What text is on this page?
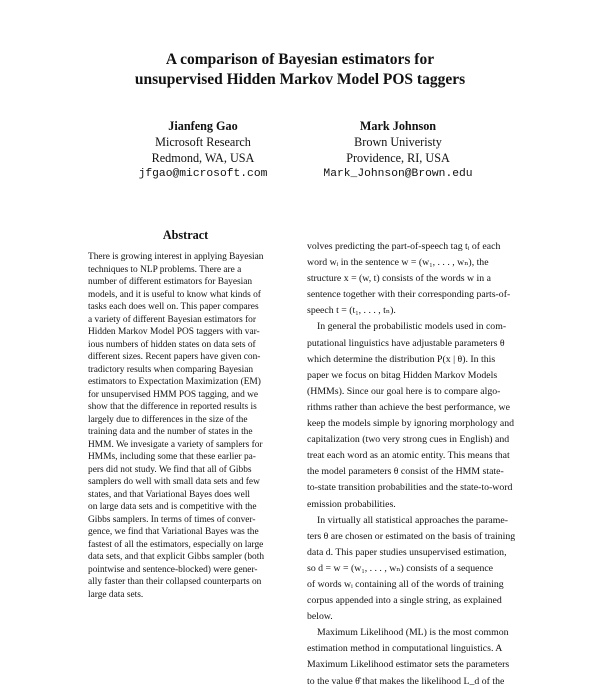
A comparison of Bayesian estimators for
unsupervised Hidden Markov Model POS taggers
Jianfeng Gao
Microsoft Research
Redmond, WA, USA
jfgao@microsoft.com
Mark Johnson
Brown Univeristy
Providence, RI, USA
Mark_Johnson@Brown.edu
Abstract
There is growing interest in applying Bayesian
techniques to NLP problems. There are a
number of different estimators for Bayesian
models, and it is useful to know what kinds of
tasks each does well on. This paper compares
a variety of different Bayesian estimators for
Hidden Markov Model POS taggers with var-
ious numbers of hidden states on data sets of
different sizes. Recent papers have given con-
tradictory results when comparing Bayesian
estimators to Expectation Maximization (EM)
for unsupervised HMM POS tagging, and we
show that the difference in reported results is
largely due to differences in the size of the
training data and the number of states in the
HMM. We invesigate a variety of samplers for
HMMs, including some that these earlier pa-
pers did not study. We find that all of Gibbs
samplers do well with small data sets and few
states, and that Variational Bayes does well
on large data sets and is competitive with the
Gibbs samplers. In terms of times of conver-
gence, we find that Variational Bayes was the
fastest of all the estimators, especially on large
data sets, and that explicit Gibbs sampler (both
pointwise and sentence-blocked) were gener-
ally faster than their collapsed counterparts on
large data sets.
volves predicting the part-of-speech tag tᵢ of each
word wᵢ in the sentence w = (w₁, . . . , wₙ), the
structure x = (w, t) consists of the words w in a
sentence together with their corresponding parts-of-
speech t = (t₁, . . . , tₙ).
In general the probabilistic models used in com-
putational linguistics have adjustable parameters θ
which determine the distribution P(x | θ). In this
paper we focus on bitag Hidden Markov Models
(HMMs). Since our goal here is to compare algo-
rithms rather than achieve the best performance, we
keep the models simple by ignoring morphology and
capitalization (two very strong cues in English) and
treat each word as an atomic entity. This means that
the model parameters θ consist of the HMM state-
to-state transition probabilities and the state-to-word
emission probabilities.
In virtually all statistical approaches the parame-
ters θ are chosen or estimated on the basis of training
data d. This paper studies unsupervised estimation,
so d = w = (w₁, . . . , wₙ) consists of a sequence
of words wᵢ containing all of the words of training
corpus appended into a single string, as explained
below.
Maximum Likelihood (ML) is the most common
estimation method in computational linguistics. A
Maximum Likelihood estimator sets the parameters
to the value θ̂ that makes the likelihood L_d of the
